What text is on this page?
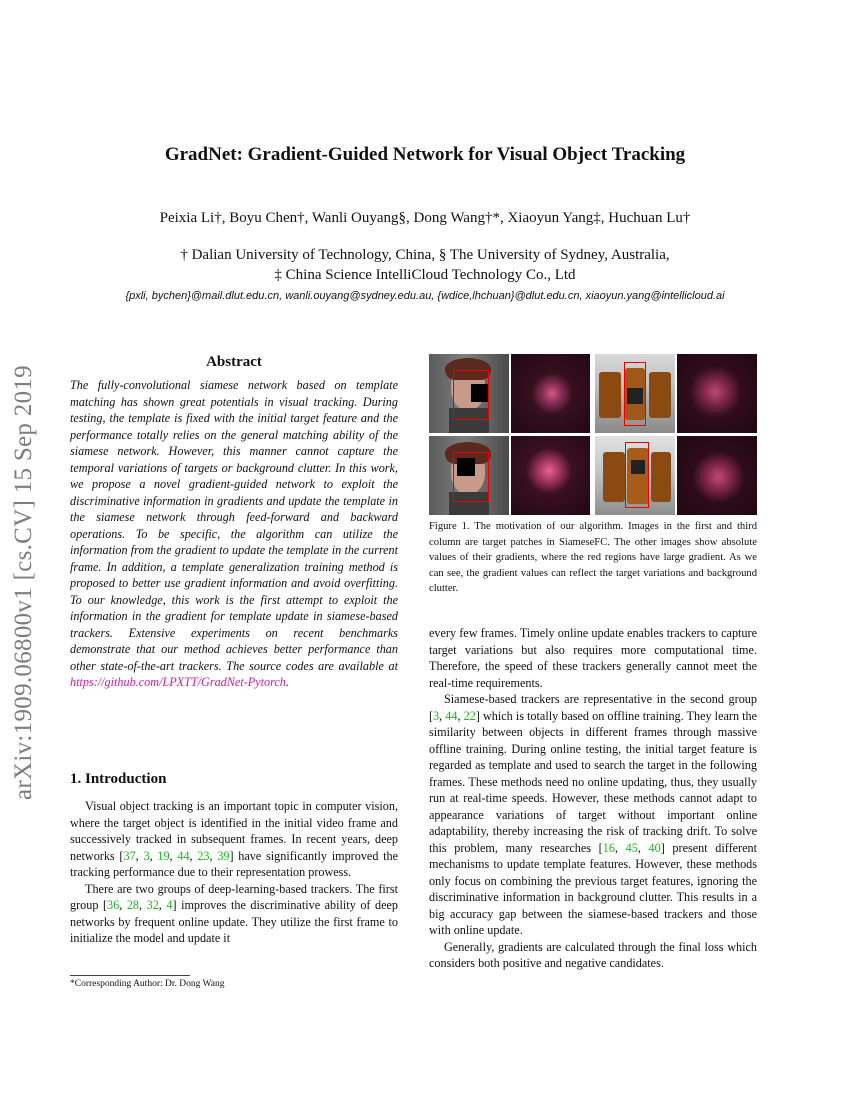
arXiv:1909.06800v1 [cs.CV] 15 Sep 2019
GradNet: Gradient-Guided Network for Visual Object Tracking
Peixia Li†, Boyu Chen†, Wanli Ouyang§, Dong Wang†*, Xiaoyun Yang‡, Huchuan Lu†
† Dalian University of Technology, China, § The University of Sydney, Australia,
‡ China Science IntelliCloud Technology Co., Ltd
{pxli, bychen}@mail.dlut.edu.cn, wanli.ouyang@sydney.edu.au, {wdice,lhchuan}@dlut.edu.cn, xiaoyun.yang@intellicloud.ai
Abstract
The fully-convolutional siamese network based on template matching has shown great potentials in visual tracking. During testing, the template is fixed with the initial target feature and the performance totally relies on the general matching ability of the siamese network. However, this manner cannot capture the temporal variations of targets or background clutter. In this work, we propose a novel gradient-guided network to exploit the discriminative information in gradients and update the template in the siamese network through feed-forward and backward operations. To be specific, the algorithm can utilize the information from the gradient to update the template in the current frame. In addition, a template generalization training method is proposed to better use gradient information and avoid overfitting. To our knowledge, this work is the first attempt to exploit the information in the gradient for template update in siamese-based trackers. Extensive experiments on recent benchmarks demonstrate that our method achieves better performance than other state-of-the-art trackers. The source codes are available at https://github.com/LPXTT/GradNet-Pytorch.
1. Introduction

Visual object tracking is an important topic in computer vision, where the target object is identified in the initial video frame and successively tracked in subsequent frames. In recent years, deep networks [37, 3, 19, 44, 23, 39] have significantly improved the tracking performance due to their representation prowess.

There are two groups of deep-learning-based trackers. The first group [36, 28, 32, 4] improves the discriminative ability of deep networks by frequent online update. They utilize the first frame to initialize the model and update it

*Corresponding Author: Dr. Dong Wang
Figure 1. The motivation of our algorithm. Images in the first and third column are target patches in SiameseFC. The other images show absolute values of their gradients, where the red regions have large gradient. As we can see, the gradient values can reflect the target variations and background clutter.

every few frames. Timely online update enables trackers to capture target variations but also requires more computational time. Therefore, the speed of these trackers generally cannot meet the real-time requirements.

Siamese-based trackers are representative in the second group [3, 44, 22] which is totally based on offline training. They learn the similarity between objects in different frames through massive offline training. During online testing, the initial target feature is regarded as template and used to search the target in the following frames. These methods need no online updating, thus, they usually run at real-time speeds. However, these methods cannot adapt to appearance variations of target without important online adaptability, thereby increasing the risk of tracking drift. To solve this problem, many researches [16, 45, 40] present different mechanisms to update template features. However, these methods only focus on combining the previous target features, ignoring the discriminative information in background clutter. This results in a big accuracy gap between the siamese-based trackers and those with online update.

Generally, gradients are calculated through the final loss which considers both positive and negative candidates.
